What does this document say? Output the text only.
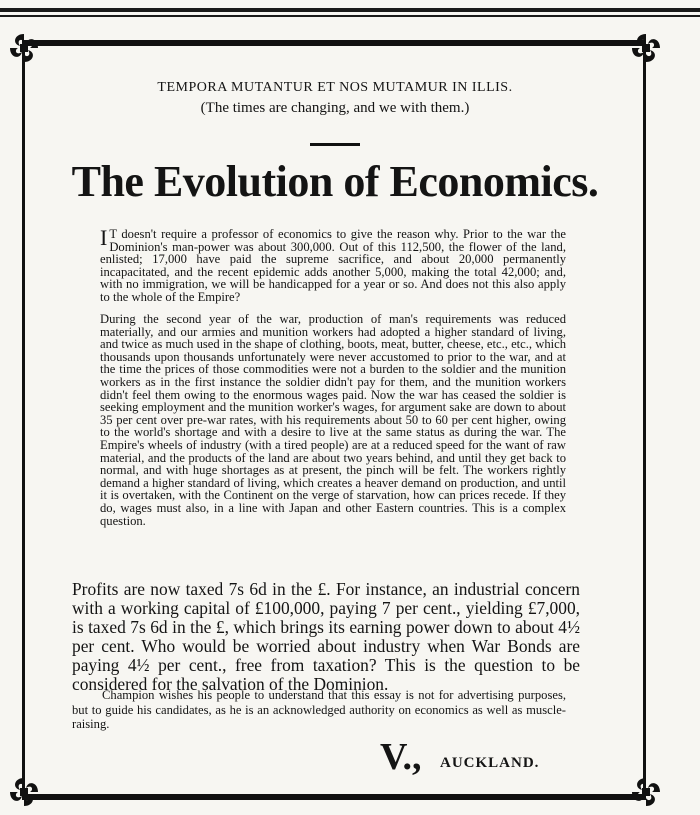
TEMPORA MUTANTUR ET NOS MUTAMUR IN ILLIS.
(The times are changing, and we with them.)
The Evolution of Economics.

IT doesn't require a professor of economics to give the reason why. Prior to the war the Dominion's man-power was about 300,000. Out of this 112,500, the flower of the land, enlisted; 17,000 have paid the supreme sacrifice, and about 20,000 permanently incapacitated, and the recent epidemic adds another 5,000, making the total 42,000; and, with no immigration, we will be handicapped for a year or so. And does not this also apply to the whole of the Empire?

During the second year of the war, production of man's requirements was reduced materially, and our armies and munition workers had adopted a higher standard of living, and twice as much used in the shape of clothing, boots, meat, butter, cheese, etc., etc., which thousands upon thousands unfortunately were never accustomed to prior to the war, and at the time the prices of those commodities were not a burden to the soldier and the munition workers as in the first instance the soldier didn't pay for them, and the munition workers didn't feel them owing to the enormous wages paid. Now the war has ceased the soldier is seeking employment and the munition worker's wages, for argument sake are down to about 35 per cent over pre-war rates, with his requirements about 50 to 60 per cent higher, owing to the world's shortage and with a desire to live at the same status as during the war. The Empire's wheels of industry (with a tired people) are at a reduced speed for the want of raw material, and the products of the land are about two years behind, and until they get back to normal, and with huge shortages as at present, the pinch will be felt. The workers rightly demand a higher standard of living, which creates a heaver demand on production, and until it is overtaken, with the Continent on the verge of starvation, how can prices recede. If they do, wages must also, in a line with Japan and other Eastern countries. This is a complex question.

Profits are now taxed 7s 6d in the £. For instance, an industrial concern with a working capital of £100,000, paying 7 per cent., yielding £7,000, is taxed 7s 6d in the £, which brings its earning power down to about 4½ per cent. Who would be worried about industry when War Bonds are paying 4½ per cent., free from taxation? This is the question to be considered for the salvation of the Dominion.

Champion wishes his people to understand that this essay is not for advertising purposes, but to guide his candidates, as he is an acknowledged authority on economics as well as muscle-raising.

V., AUCKLAND.
